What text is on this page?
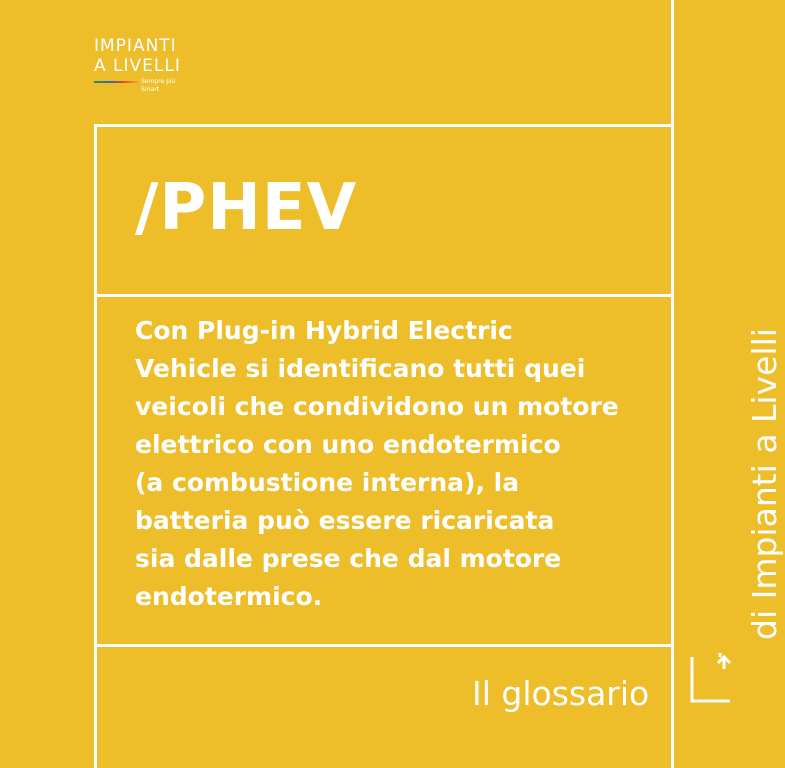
IMPIANTI
A LIVELLI
Sempre più Smart
/PHEV

Con Plug-in Hybrid Electric
Vehicle si identificano tutti quei
veicoli che condividono un motore
elettrico con uno endotermico
(a combustione interna), la
batteria può essere ricaricata
sia dalle prese che dal motore
endotermico.

Il glossario
di Impianti a Livelli
